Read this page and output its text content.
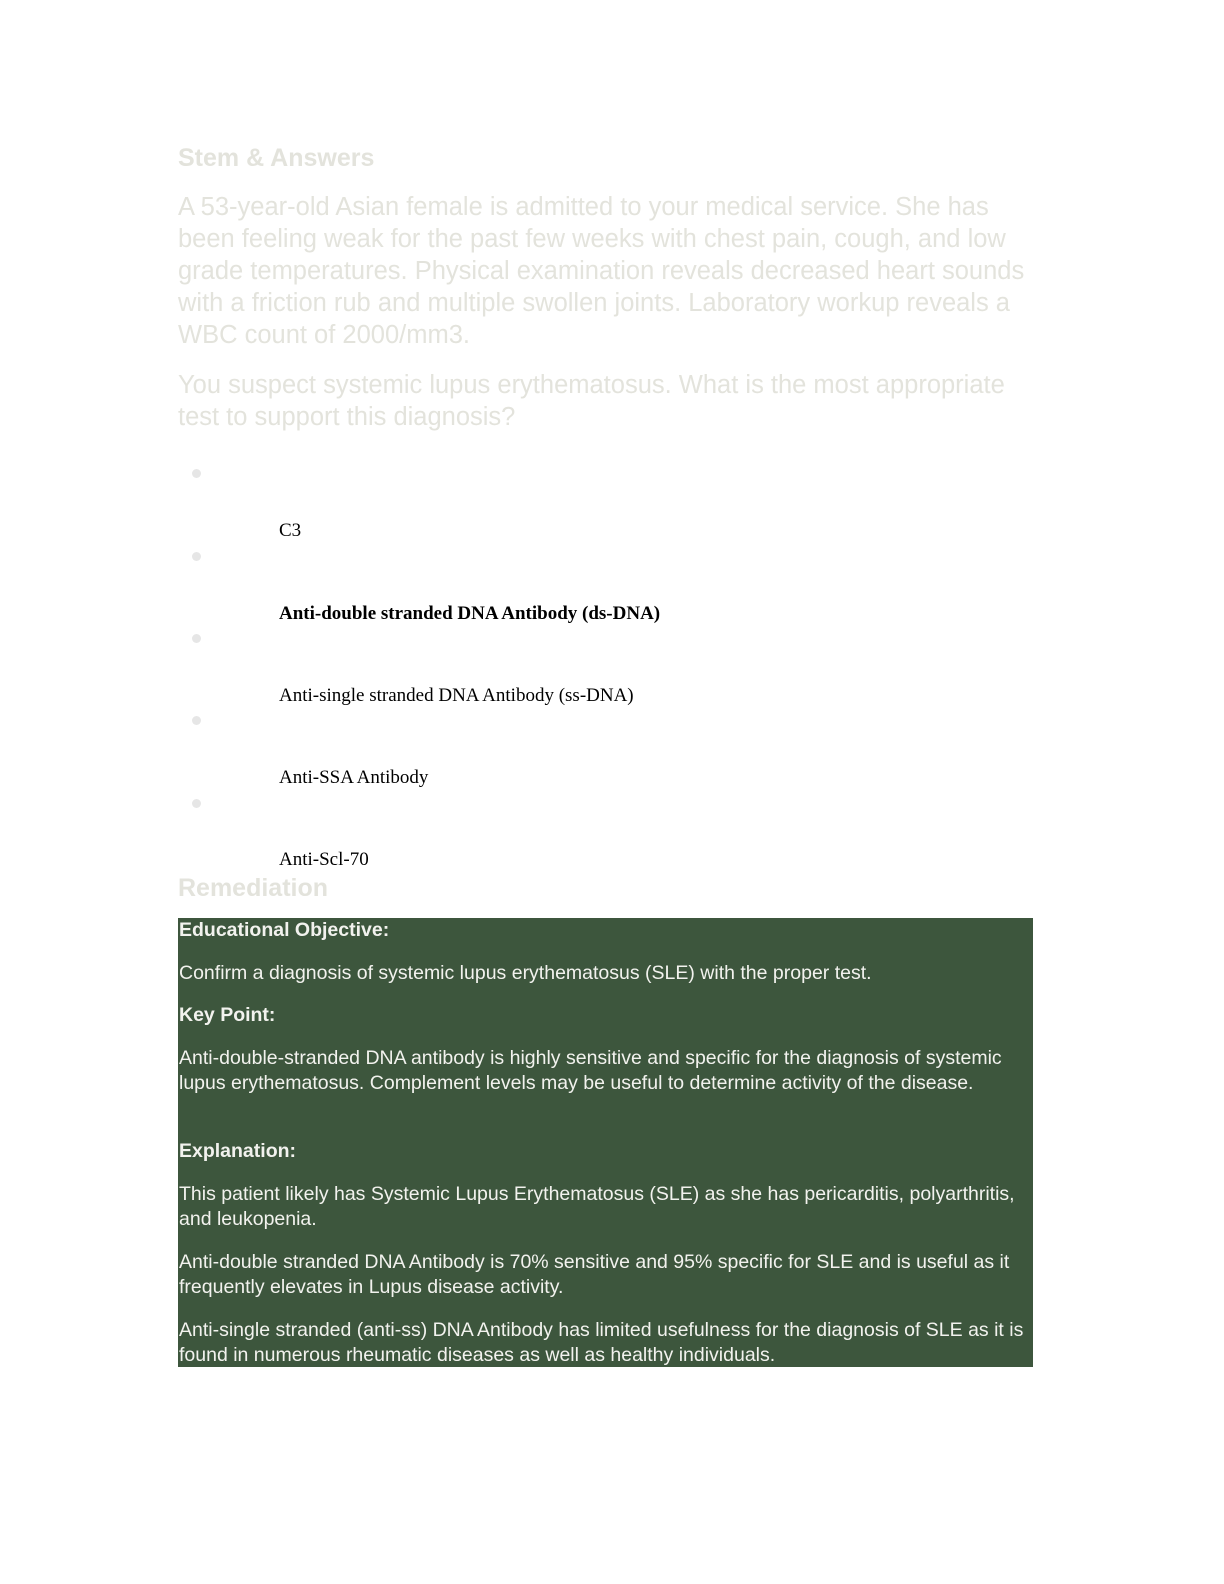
Stem & Answers

A 53-year-old Asian female is admitted to your medical service. She has been feeling weak for the past few weeks with chest pain, cough, and low grade temperatures. Physical examination reveals decreased heart sounds with a friction rub and multiple swollen joints. Laboratory workup reveals a WBC count of 2000/mm3.

You suspect systemic lupus erythematosus. What is the most appropriate test to support this diagnosis?

C3
Anti-double stranded DNA Antibody (ds-DNA)
Anti-single stranded DNA Antibody (ss-DNA)
Anti-SSA Antibody
Anti-Scl-70
Remediation

Educational Objective:

Confirm a diagnosis of systemic lupus erythematosus (SLE) with the proper test.

Key Point:

Anti-double-stranded DNA antibody is highly sensitive and specific for the diagnosis of systemic lupus erythematosus. Complement levels may be useful to determine activity of the disease.

Explanation:

This patient likely has Systemic Lupus Erythematosus (SLE) as she has pericarditis, polyarthritis, and leukopenia.

Anti-double stranded DNA Antibody is 70% sensitive and 95% specific for SLE and is useful as it frequently elevates in Lupus disease activity.

Anti-single stranded (anti-ss) DNA Antibody has limited usefulness for the diagnosis of SLE as it is found in numerous rheumatic diseases as well as healthy individuals.
